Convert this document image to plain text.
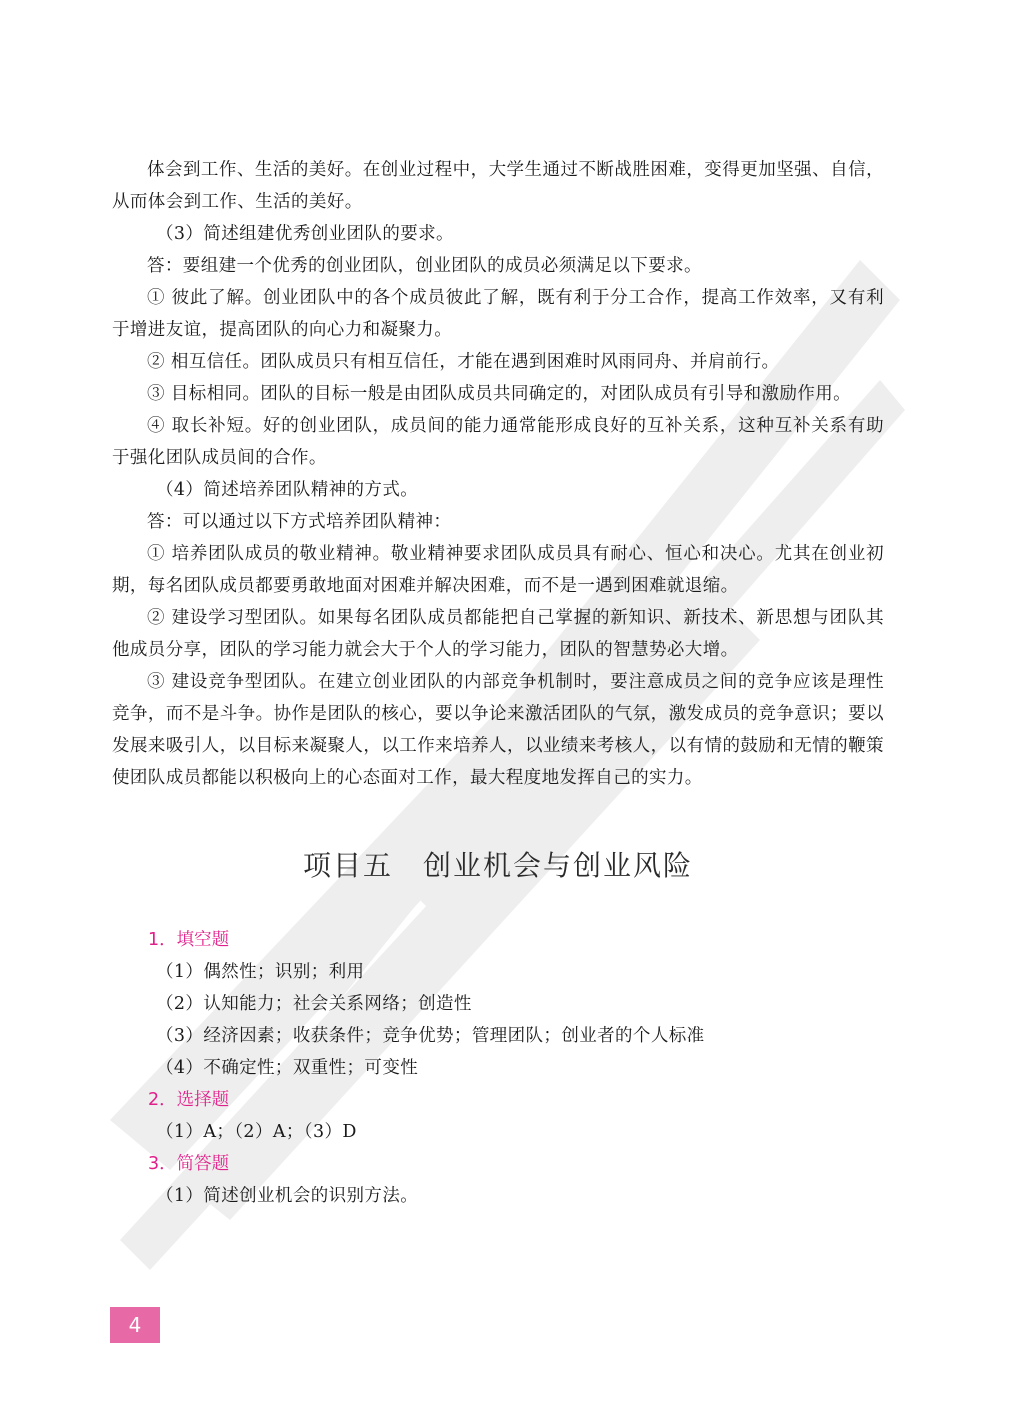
体会到工作、生活的美好。在创业过程中，大学生通过不断战胜困难，变得更加坚强、自信，从而体会到工作、生活的美好。

（3）简述组建优秀创业团队的要求。

答：要组建一个优秀的创业团队，创业团队的成员必须满足以下要求。

① 彼此了解。创业团队中的各个成员彼此了解，既有利于分工合作，提高工作效率，又有利于增进友谊，提高团队的向心力和凝聚力。

② 相互信任。团队成员只有相互信任，才能在遇到困难时风雨同舟、并肩前行。

③ 目标相同。团队的目标一般是由团队成员共同确定的，对团队成员有引导和激励作用。

④ 取长补短。好的创业团队，成员间的能力通常能形成良好的互补关系，这种互补关系有助于强化团队成员间的合作。

（4）简述培养团队精神的方式。

答：可以通过以下方式培养团队精神：

① 培养团队成员的敬业精神。敬业精神要求团队成员具有耐心、恒心和决心。尤其在创业初期，每名团队成员都要勇敢地面对困难并解决困难，而不是一遇到困难就退缩。

② 建设学习型团队。如果每名团队成员都能把自己掌握的新知识、新技术、新思想与团队其他成员分享，团队的学习能力就会大于个人的学习能力，团队的智慧势必大增。

③ 建设竞争型团队。在建立创业团队的内部竞争机制时，要注意成员之间的竞争应该是理性竞争，而不是斗争。协作是团队的核心，要以争论来激活团队的气氛，激发成员的竞争意识；要以发展来吸引人，以目标来凝聚人，以工作来培养人，以业绩来考核人，以有情的鼓励和无情的鞭策使团队成员都能以积极向上的心态面对工作，最大程度地发挥自己的实力。

项目五　创业机会与创业风险

1．填空题

（1）偶然性；识别；利用

（2）认知能力；社会关系网络；创造性

（3）经济因素；收获条件；竞争优势；管理团队；创业者的个人标准

（4）不确定性；双重性；可变性

2．选择题

（1）A；（2）A；（3）D

3．简答题

（1）简述创业机会的识别方法。

4
